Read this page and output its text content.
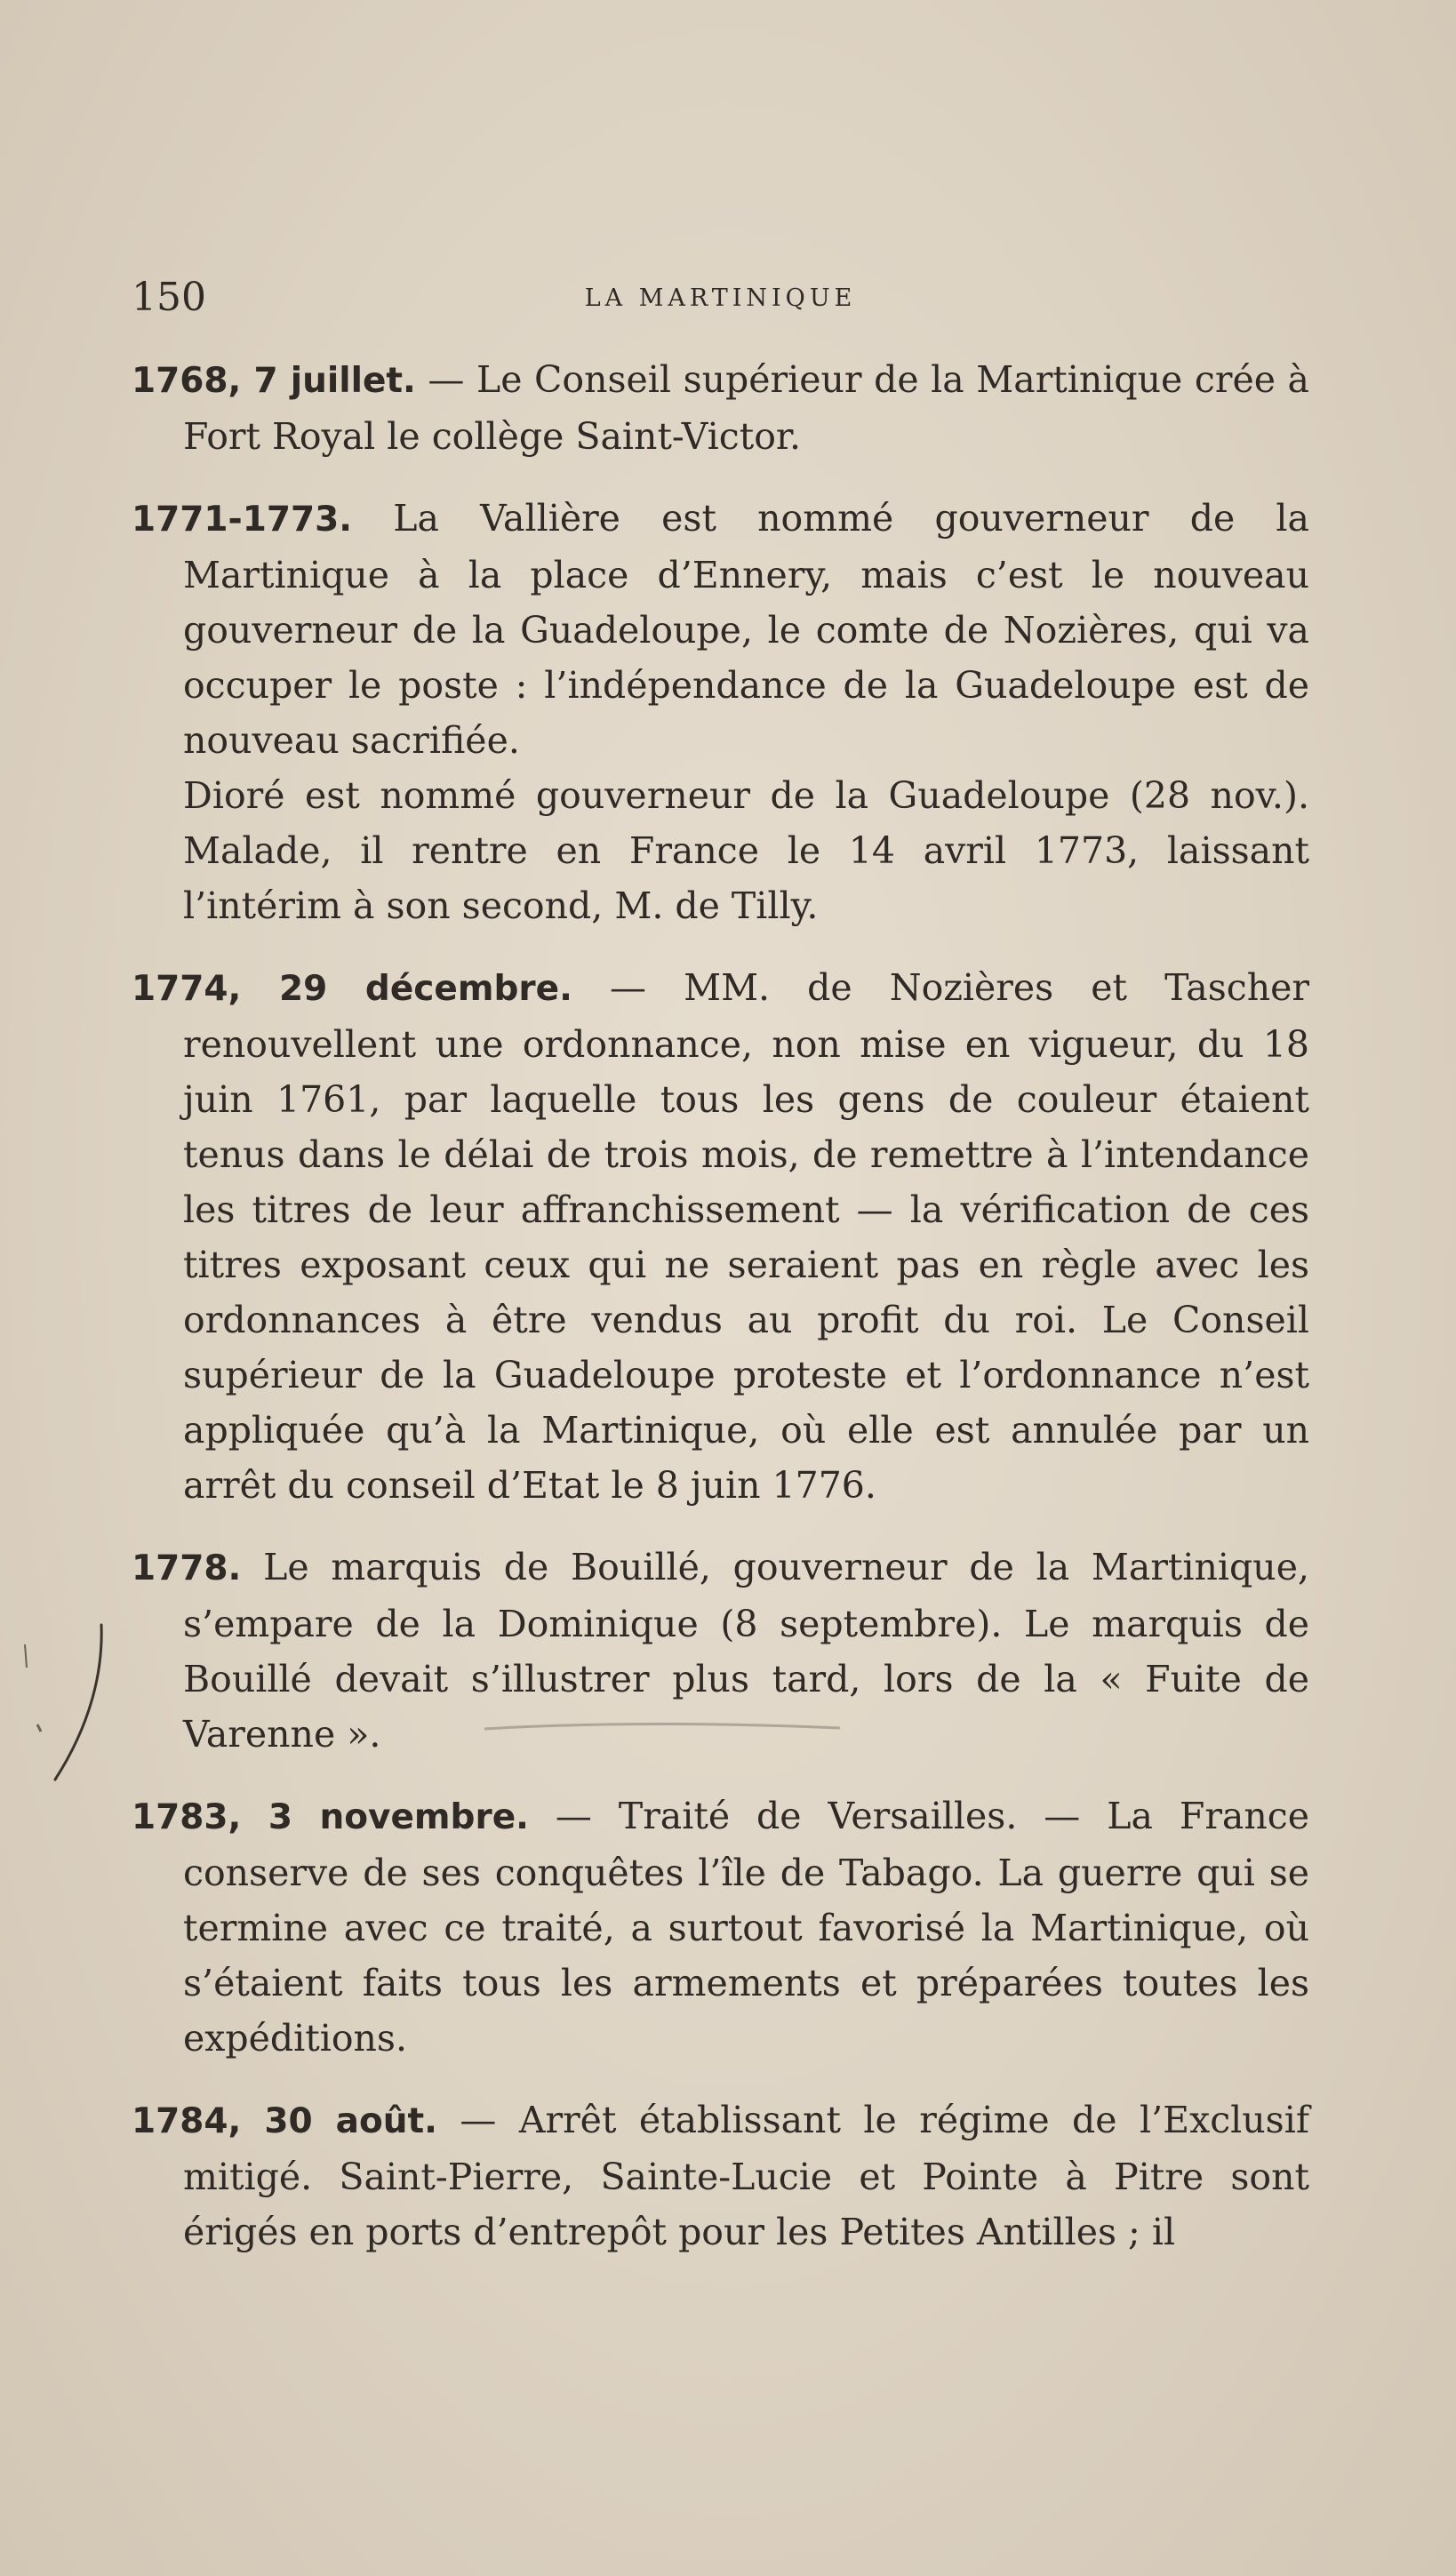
150	LA MARTINIQUE
1768, 7 juillet. — Le Conseil supérieur de la Martinique crée à Fort Royal le collège Saint-Victor.
1771-1773. La Vallière est nommé gouverneur de la Martinique à la place d’Ennery, mais c’est le nouveau gouverneur de la Guadeloupe, le comte de Nozières, qui va occuper le poste : l’indépendance de la Guadeloupe est de nouveau sacrifiée.
Dioré est nommé gouverneur de la Guadeloupe (28 nov.). Malade, il rentre en France le 14 avril 1773, laissant l’intérim à son second, M. de Tilly.
1774, 29 décembre. — MM. de Nozières et Tascher renouvellent une ordonnance, non mise en vigueur, du 18 juin 1761, par laquelle tous les gens de couleur étaient tenus dans le délai de trois mois, de remettre à l’intendance les titres de leur affranchissement — la vérification de ces titres exposant ceux qui ne seraient pas en règle avec les ordonnances à être vendus au profit du roi. Le Conseil supérieur de la Guadeloupe proteste et l’ordonnance n’est appliquée qu’à la Martinique, où elle est annulée par un arrêt du conseil d’Etat le 8 juin 1776.
1778. Le marquis de Bouillé, gouverneur de la Martinique, s’empare de la Dominique (8 septembre). Le marquis de Bouillé devait s’illustrer plus tard, lors de la « Fuite de Varenne ».
1783, 3 novembre. — Traité de Versailles. — La France conserve de ses conquêtes l’île de Tabago. La guerre qui se termine avec ce traité, a surtout favorisé la Martinique, où s’étaient faits tous les armements et préparées toutes les expéditions.
1784, 30 août. — Arrêt établissant le régime de l’Exclusif mitigé. Saint-Pierre, Sainte-Lucie et Pointe à Pitre sont érigés en ports d’entrepôt pour les Petites Antilles ; il
